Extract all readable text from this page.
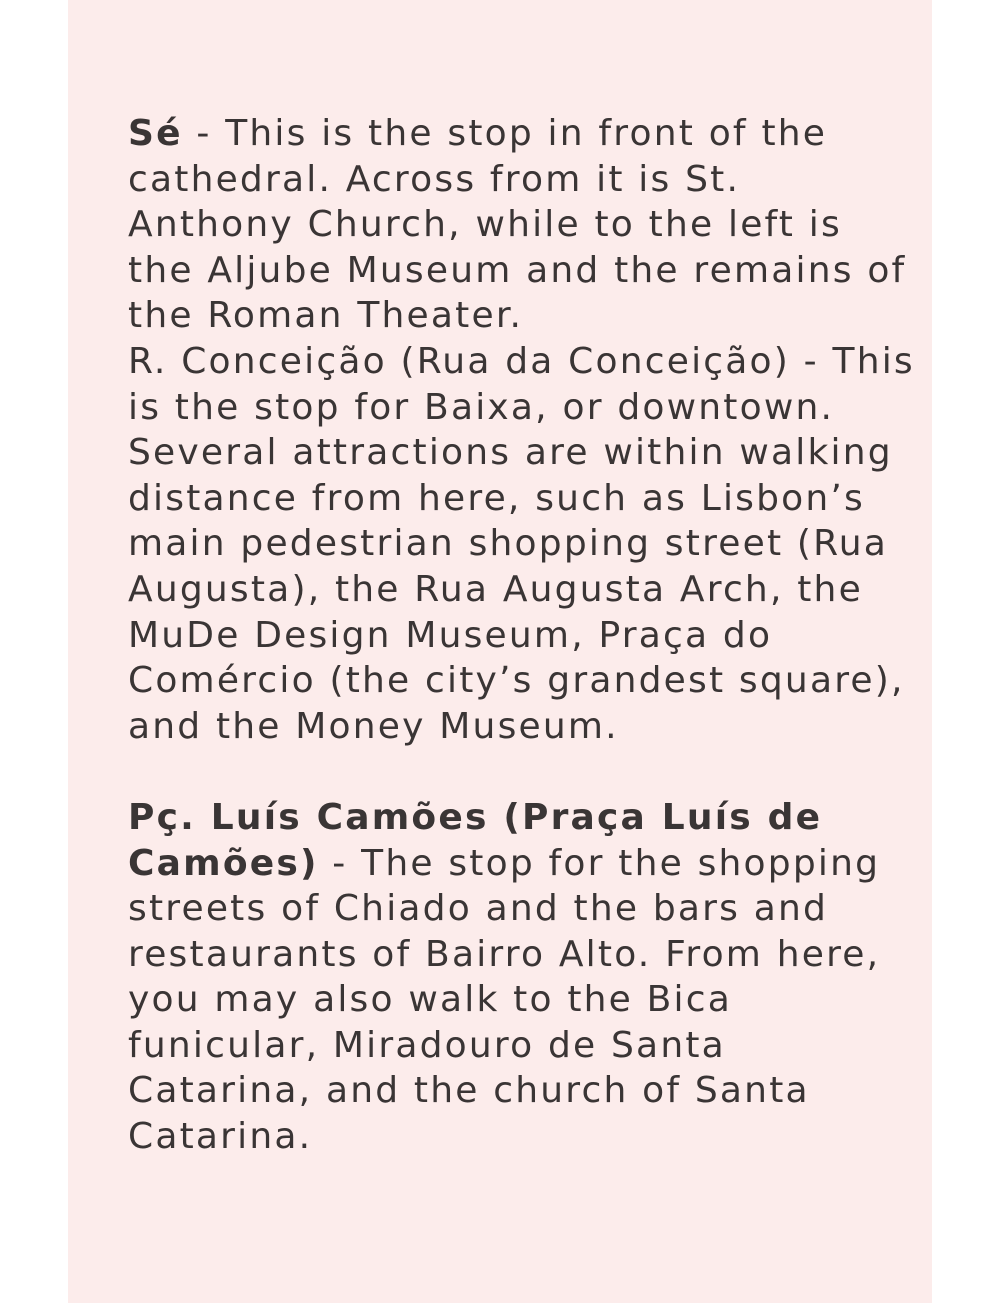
Sé - This is the stop in front of the cathedral. Across from it is St. Anthony Church, while to the left is the Aljube Museum and the remains of the Roman Theater.
R. Conceição (Rua da Conceição) - This is the stop for Baixa, or downtown. Several attractions are within walking distance from here, such as Lisbon’s main pedestrian shopping street (Rua Augusta), the Rua Augusta Arch, the MuDe Design Museum, Praça do Comércio (the city’s grandest square), and the Money Museum.
Pç. Luís Camões (Praça Luís de Camões) - The stop for the shopping streets of Chiado and the bars and restaurants of Bairro Alto. From here, you may also walk to the Bica funicular, Miradouro de Santa Catarina, and the church of Santa Catarina.
